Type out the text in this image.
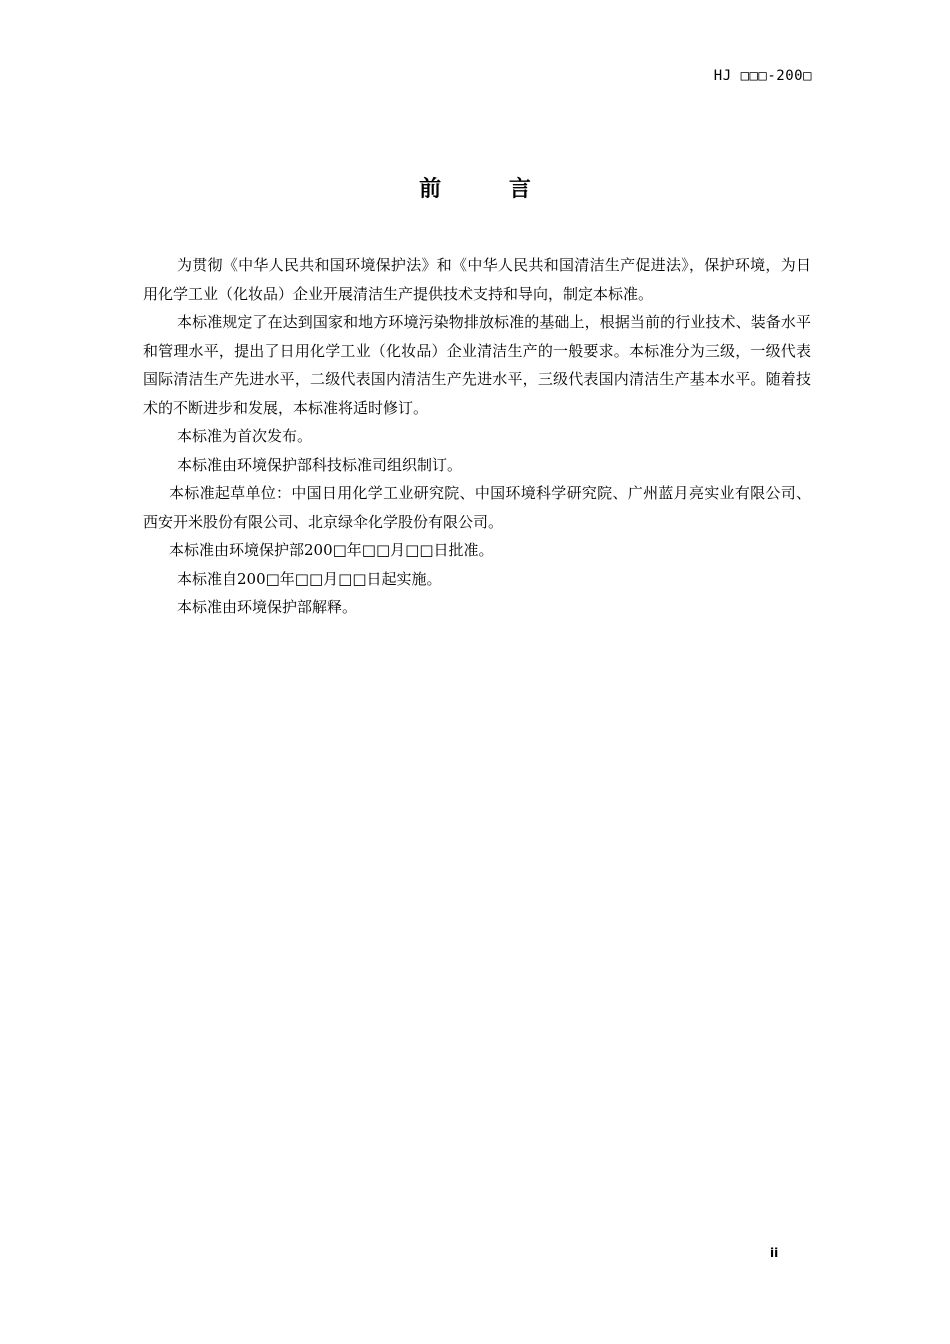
HJ □□□-200□
前 言

为贯彻《中华人民共和国环境保护法》和《中华人民共和国清洁生产促进法》，保护环境，为日用化学工业（化妆品）企业开展清洁生产提供技术支持和导向，制定本标准。

本标准规定了在达到国家和地方环境污染物排放标准的基础上，根据当前的行业技术、装备水平和管理水平，提出了日用化学工业（化妆品）企业清洁生产的一般要求。本标准分为三级，一级代表国际清洁生产先进水平，二级代表国内清洁生产先进水平，三级代表国内清洁生产基本水平。随着技术的不断进步和发展，本标准将适时修订。

本标准为首次发布。

本标准由环境保护部科技标准司组织制订。

本标准起草单位：中国日用化学工业研究院、中国环境科学研究院、广州蓝月亮实业有限公司、西安开米股份有限公司、北京绿伞化学股份有限公司。

本标准由环境保护部200□年□□月□□日批准。

本标准自200□年□□月□□日起实施。

本标准由环境保护部解释。

ii
